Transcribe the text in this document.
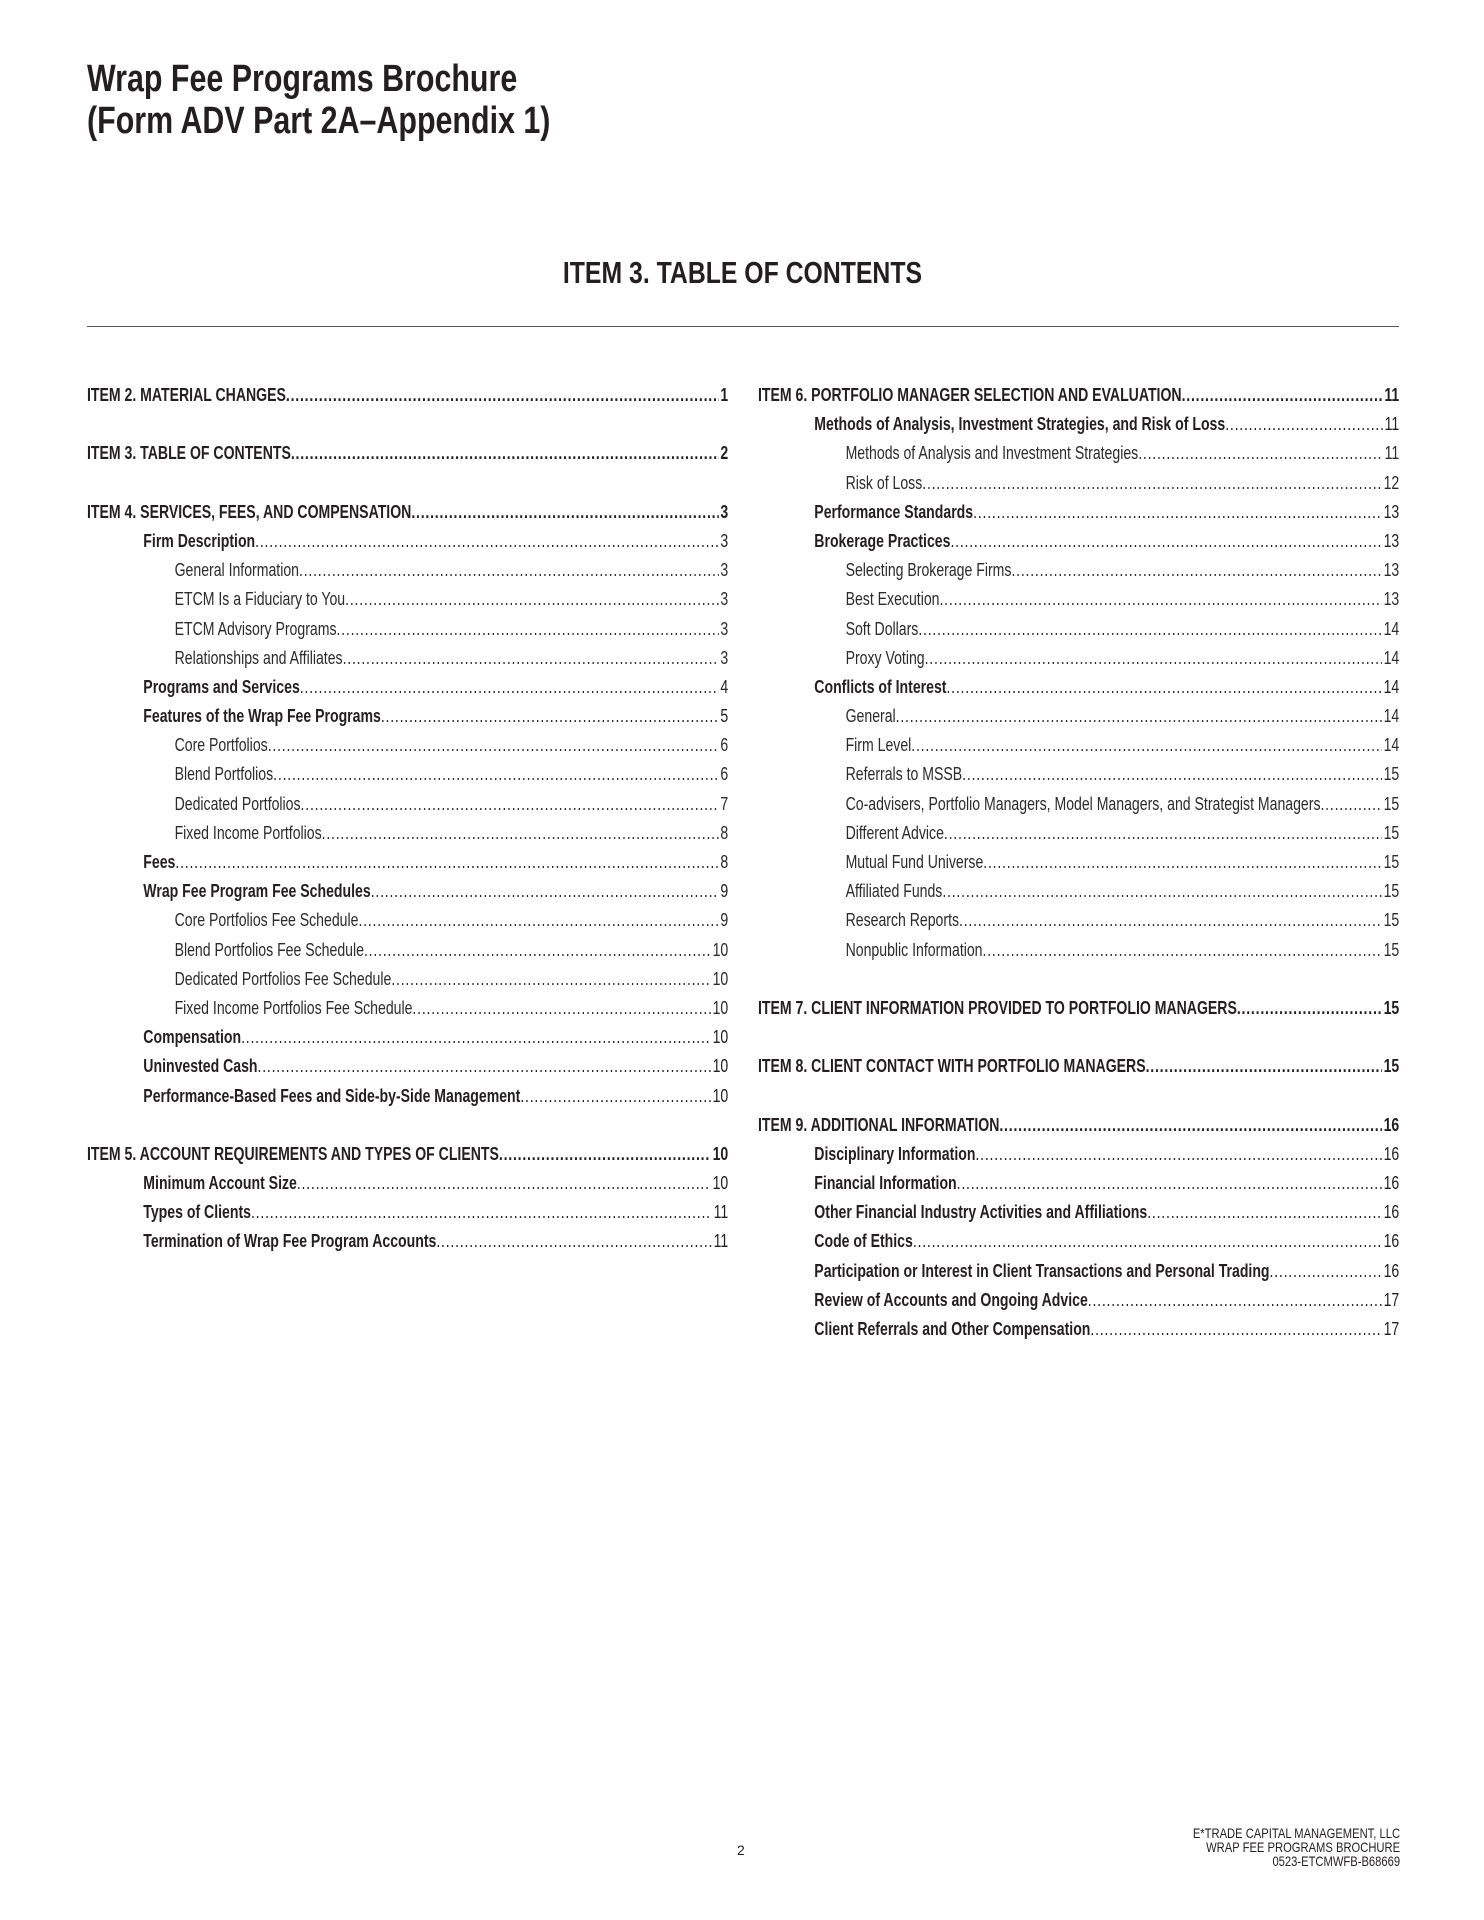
Wrap Fee Programs Brochure
(Form ADV Part 2A–Appendix 1)
ITEM 3. TABLE OF CONTENTS
ITEM 2. MATERIAL CHANGES .....	1
ITEM 3. TABLE OF CONTENTS .....	2
ITEM 4. SERVICES, FEES, AND COMPENSATION .....	3
Firm Description .....	3
General Information .....	3
ETCM Is a Fiduciary to You .....	3
ETCM Advisory Programs .....	3
Relationships and Affiliates .....	3
Programs and Services .....	4
Features of the Wrap Fee Programs .....	5
Core Portfolios .....	6
Blend Portfolios .....	6
Dedicated Portfolios .....	7
Fixed Income Portfolios .....	8
Fees .....	8
Wrap Fee Program Fee Schedules .....	9
Core Portfolios Fee Schedule .....	9
Blend Portfolios Fee Schedule .....	10
Dedicated Portfolios Fee Schedule .....	10
Fixed Income Portfolios Fee Schedule .....	10
Compensation .....	10
Uninvested Cash .....	10
Performance-Based Fees and Side-by-Side Management .....	10
ITEM 5. ACCOUNT REQUIREMENTS AND TYPES OF CLIENTS .....	10
Minimum Account Size .....	10
Types of Clients .....	11
Termination of Wrap Fee Program Accounts .....	11
ITEM 6. PORTFOLIO MANAGER SELECTION AND EVALUATION .....	11
Methods of Analysis, Investment Strategies, and Risk of Loss .....	11
Methods of Analysis and Investment Strategies .....	11
Risk of Loss .....	12
Performance Standards .....	13
Brokerage Practices .....	13
Selecting Brokerage Firms .....	13
Best Execution .....	13
Soft Dollars .....	14
Proxy Voting .....	14
Conflicts of Interest .....	14
General .....	14
Firm Level .....	14
Referrals to MSSB .....	15
Co-advisers, Portfolio Managers, Model Managers, and Strategist Managers .....	15
Different Advice .....	15
Mutual Fund Universe .....	15
Affiliated Funds .....	15
Research Reports .....	15
Nonpublic Information .....	15
ITEM 7. CLIENT INFORMATION PROVIDED TO PORTFOLIO MANAGERS .....	15
ITEM 8. CLIENT CONTACT WITH PORTFOLIO MANAGERS .....	15
ITEM 9. ADDITIONAL INFORMATION .....	16
Disciplinary Information .....	16
Financial Information .....	16
Other Financial Industry Activities and Affiliations .....	16
Code of Ethics .....	16
Participation or Interest in Client Transactions and Personal Trading .....	16
Review of Accounts and Ongoing Advice .....	17
Client Referrals and Other Compensation .....	17
2
E*TRADE CAPITAL MANAGEMENT, LLC
WRAP FEE PROGRAMS BROCHURE
0523-ETCMWFB-B68669
